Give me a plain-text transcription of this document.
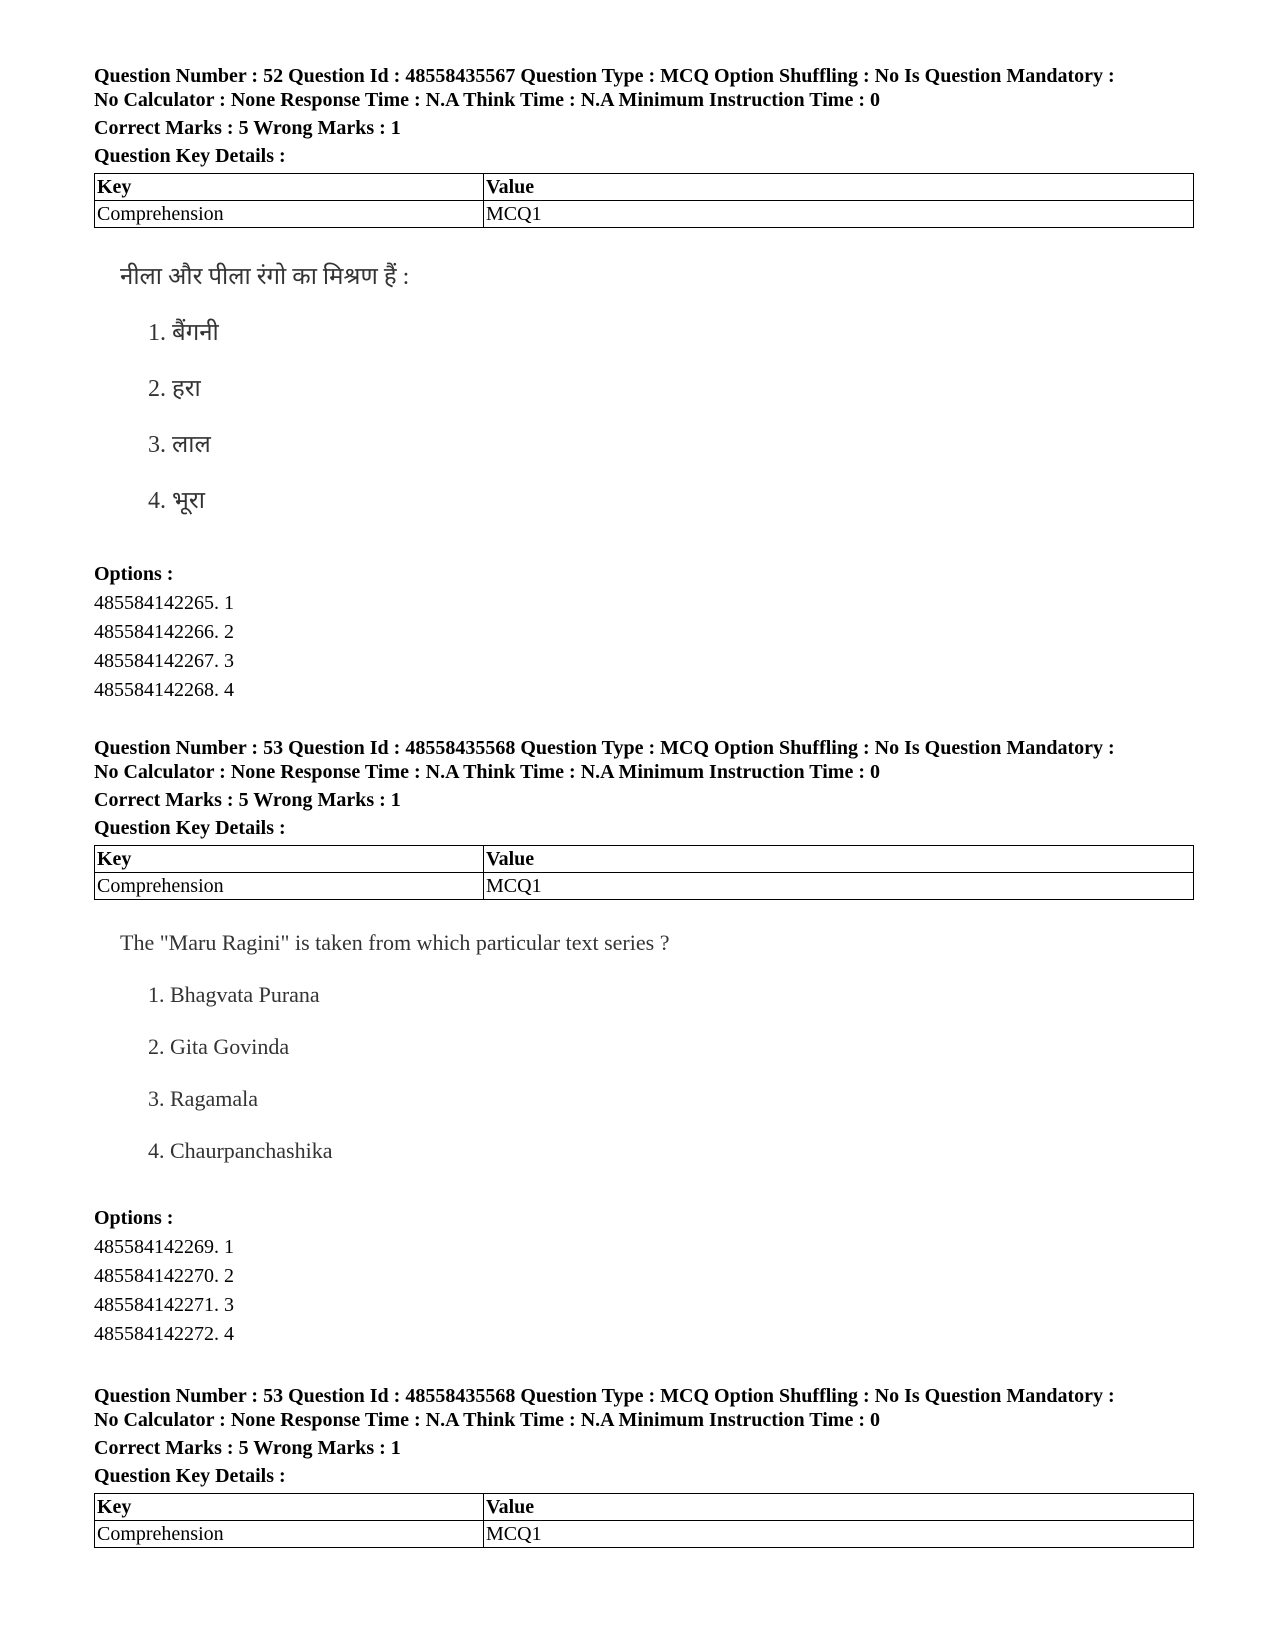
Question Number : 52 Question Id : 48558435567 Question Type : MCQ Option Shuffling : No Is Question Mandatory :

No Calculator : None Response Time : N.A Think Time : N.A Minimum Instruction Time : 0

Correct Marks : 5 Wrong Marks : 1

Question Key Details :

Key	Value
Comprehension	MCQ1

नीला और पीला रंगो का मिश्रण हैं :

1. बैंगनी

2. हरा

3. लाल

4. भूरा

Options :
485584142265. 1
485584142266. 2
485584142267. 3
485584142268. 4

Question Number : 53 Question Id : 48558435568 Question Type : MCQ Option Shuffling : No Is Question Mandatory :

No Calculator : None Response Time : N.A Think Time : N.A Minimum Instruction Time : 0

Correct Marks : 5 Wrong Marks : 1

Question Key Details :

Key	Value
Comprehension	MCQ1

The "Maru Ragini" is taken from which particular text series ?

1. Bhagvata Purana

2. Gita Govinda

3. Ragamala

4. Chaurpanchashika

Options :
485584142269. 1
485584142270. 2
485584142271. 3
485584142272. 4

Question Number : 53 Question Id : 48558435568 Question Type : MCQ Option Shuffling : No Is Question Mandatory :

No Calculator : None Response Time : N.A Think Time : N.A Minimum Instruction Time : 0

Correct Marks : 5 Wrong Marks : 1

Question Key Details :

Key	Value
Comprehension	MCQ1
